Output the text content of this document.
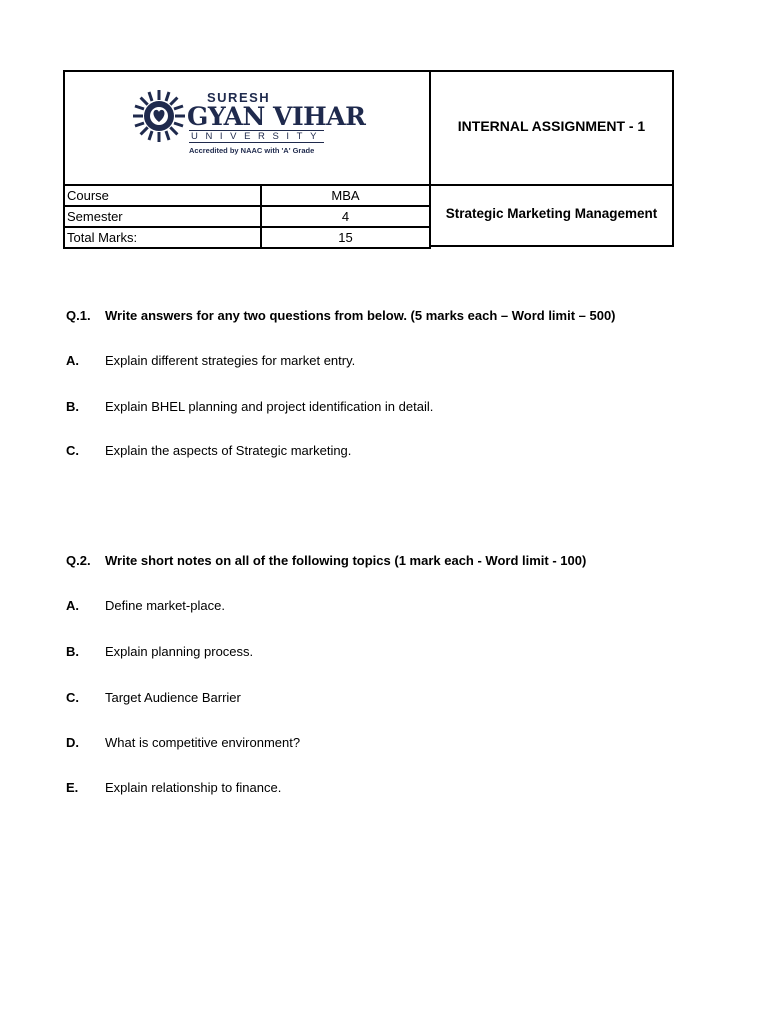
SURESH
GYAN VIHAR
UNIVERSITY
Accredited by NAAC with 'A' Grade
INTERNAL ASSIGNMENT - 1
Course	MBA
Semester	4
Total Marks:	15
Strategic Marketing Management
Q.1. Write answers for any two questions from below. (5 marks each – Word limit – 500)
A. Explain different strategies for market entry.
B. Explain BHEL planning and project identification in detail.
C. Explain the aspects of Strategic marketing.
Q.2. Write short notes on all of the following topics (1 mark each - Word limit - 100)
A. Define market-place.
B. Explain planning process.
C. Target Audience Barrier
D. What is competitive environment?
E. Explain relationship to finance.
